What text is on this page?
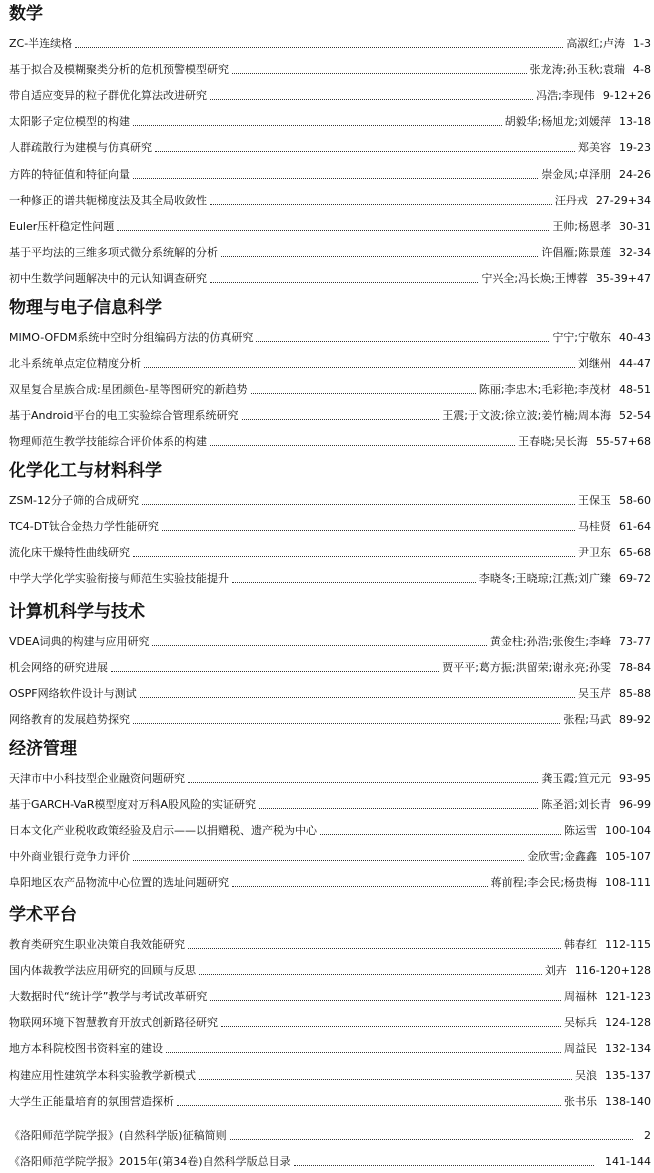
数学
ZC-半连续格	高淑红;卢涛 1-3
基于拟合及模糊聚类分析的危机预警模型研究	张龙涛;孙玉秋;袁瑞 4-8
带自适应变异的粒子群优化算法改进研究	冯浩;李现伟 9-12+26
太阳影子定位模型的构建	胡毅华;杨旭龙;刘媛萍 13-18
人群疏散行为建模与仿真研究	郑美容 19-23
方阵的特征值和特征向量	崇金凤;卓泽朋 24-26
一种修正的谱共轭梯度法及其全局收敛性	汪丹戎 27-29+34
Euler压杆稳定性问题	王帅;杨恩孝 30-31
基于平均法的三维多项式微分系统解的分析	许倡雁;陈景莲 32-34
初中生数学问题解决中的元认知调查研究	宁兴全;冯长焕;王博蓉 35-39+47
物理与电子信息科学
MIMO-OFDM系统中空时分组编码方法的仿真研究	宁宁;宁敬东 40-43
北斗系统单点定位精度分析	刘继州 44-47
双星复合星族合成:星团颜色-星等图研究的新趋势	陈丽;李忠木;毛彩艳;李茂材 48-51
基于Android平台的电工实验综合管理系统研究	王震;于文波;徐立波;姜竹楠;周本海 52-54
物理师范生教学技能综合评价体系的构建	王春晓;吴长海 55-57+68
化学化工与材料科学
ZSM-12分子筛的合成研究	王保玉 58-60
TC4-DT钛合金热力学性能研究	马桂贤 61-64
流化床干燥特性曲线研究	尹卫东 65-68
中学大学化学实验衔接与师范生实验技能提升	李晓冬;王晓琼;江燕;刘广臻 69-72
计算机科学与技术
VDEA词典的构建与应用研究	黄金柱;孙浩;张俊生;李峰 73-77
机会网络的研究进展	贾平平;葛方振;洪留荣;谢永亮;孙雯 78-84
OSPF网络软件设计与测试	吴玉芹 85-88
网络教育的发展趋势探究	张程;马武 89-92
经济管理
天津市中小科技型企业融资问题研究	龚玉霞;笪元元 93-95
基于GARCH-VaR模型度对万科A股风险的实证研究	陈圣滔;刘长青 96-99
日本文化产业税收政策经验及启示——以捐赠税、遗产税为中心	陈运雪 100-104
中外商业银行竞争力评价	金欣雪;金鑫鑫 105-107
阜阳地区农产品物流中心位置的选址问题研究	蒋前程;李会民;杨贵梅 108-111
学术平台
教育类研究生职业决策自我效能研究	韩春红 112-115
国内体裁教学法应用研究的回顾与反思	刘卉 116-120+128
大数据时代“统计学”教学与考试改革研究	周福林 121-123
物联网环境下智慧教育开放式创新路径研究	吴标兵 124-128
地方本科院校图书资料室的建设	周益民 132-134
构建应用性建筑学本科实验教学新模式	吴浪 135-137
大学生正能量培育的氛围营造探析	张书乐 138-140
《洛阳师范学院学报》(自然科学版)征稿简则	2
《洛阳师范学院学报》2015年(第34卷)自然科学版总目录	141-144
